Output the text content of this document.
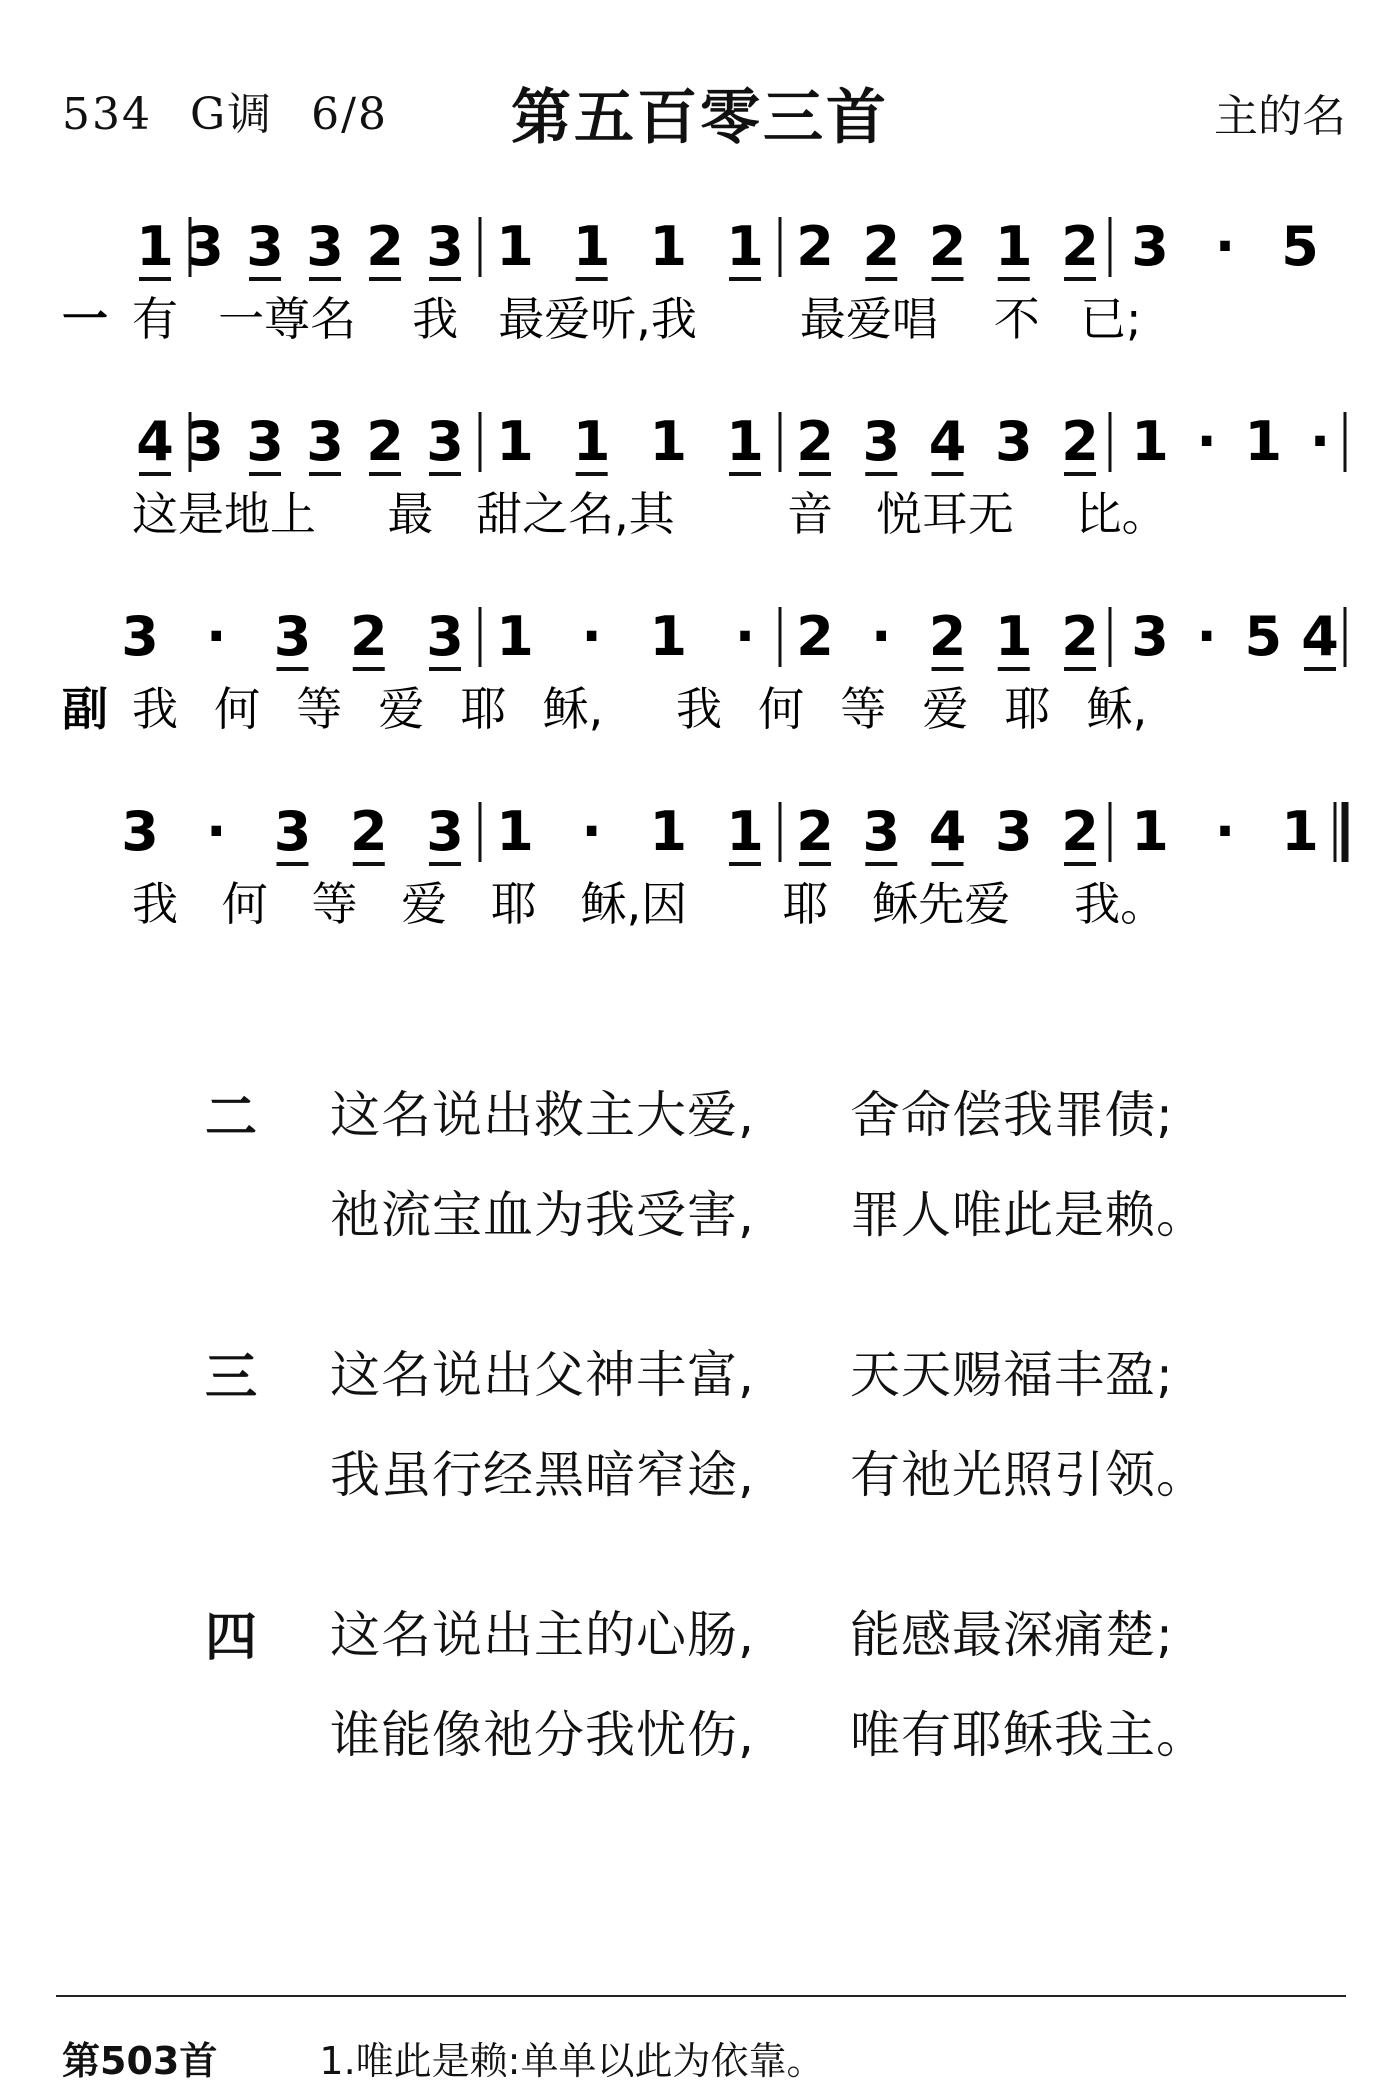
534 G调 6/8	第五百零三首	主的名
1 3 3 3 2 3 1 1 1 1 2 2 2 1 2 3 · 5
一 有 一尊名 我 最爱听,我 最爱唱 不 已;
4 3 3 3 2 3 1 1 1 1 2 3 4 3 2 1 · 1 ·
这是地上 最 甜之名,其 音 悦耳无 比。
3 · 3 2 3 1 · 1 · 2 · 2 1 2 3 · 5 4
副 我 何 等 爱 耶 稣, 我 何 等 爱 耶 稣,
3 · 3 2 3 1 · 1 1 2 3 4 3 2 1 · 1
我 何 等 爱 耶 稣,因 耶 稣先爱 我。
二 这名说出救主大爱, 舍命偿我罪债;
祂流宝血为我受害, 罪人唯此是赖。
三 这名说出父神丰富, 天天赐福丰盈;
我虽行经黑暗窄途, 有祂光照引领。
四 这名说出主的心肠, 能感最深痛楚;
谁能像祂分我忧伤, 唯有耶稣我主。
第503首	1.唯此是赖:单单以此为依靠。
